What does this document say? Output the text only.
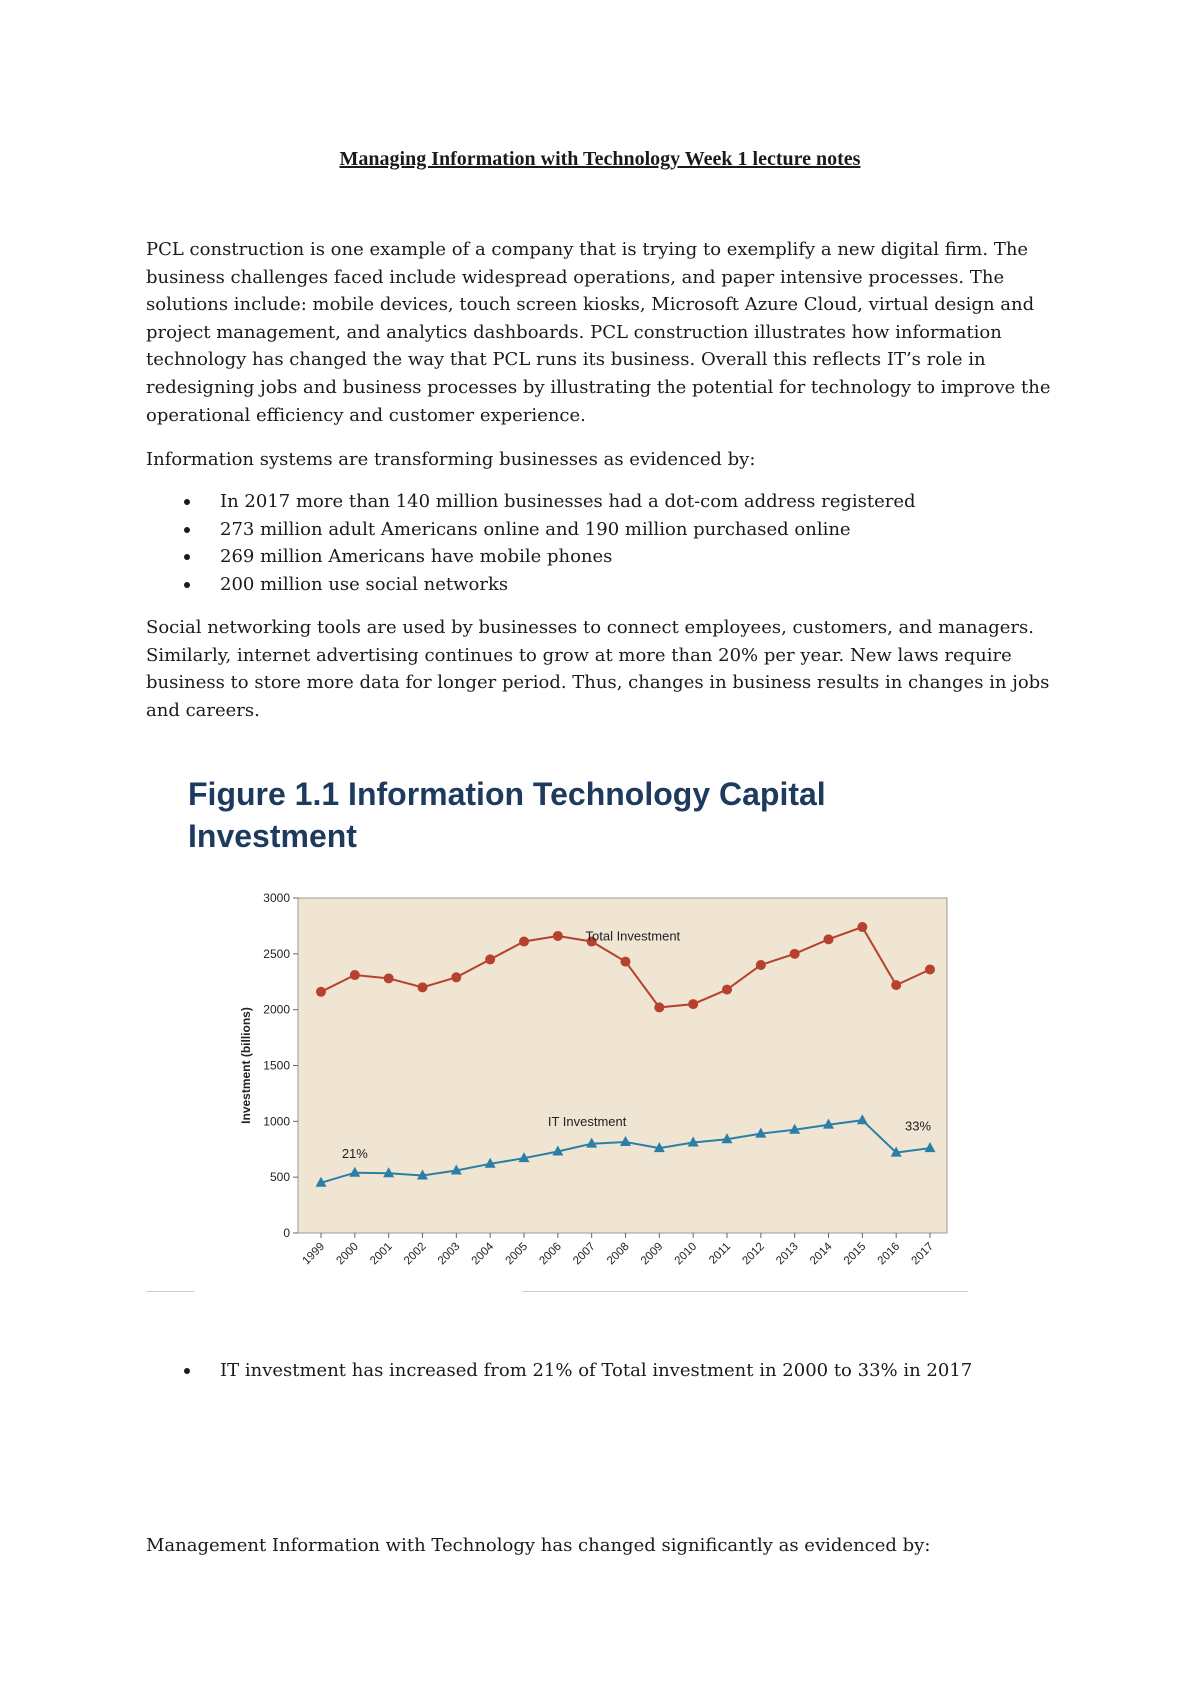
Managing Information with Technology Week 1 lecture notes

PCL construction is one example of a company that is trying to exemplify a new digital firm. The business challenges faced include widespread operations, and paper intensive processes. The solutions include: mobile devices, touch screen kiosks, Microsoft Azure Cloud, virtual design and project management, and analytics dashboards. PCL construction illustrates how information technology has changed the way that PCL runs its business. Overall this reflects IT’s role in redesigning jobs and business processes by illustrating the potential for technology to improve the operational efficiency and customer experience.

Information systems are transforming businesses as evidenced by:

In 2017 more than 140 million businesses had a dot-com address registered
273 million adult Americans online and 190 million purchased online
269 million Americans have mobile phones
200 million use social networks

Social networking tools are used by businesses to connect employees, customers, and managers. Similarly, internet advertising continues to grow at more than 20% per year. New laws require business to store more data for longer period. Thus, changes in business results in changes in jobs and careers.

Figure 1.1 Information Technology Capital
Investment
0
500
1000
1500
2000
2500
3000
1999 2000 2001 2002 2003 2004 2005 2006 2007 2008 2009 2010 2011 2012 2013 2014 2015 2016 2017
Investment (billions)
Total Investment
IT Investment
21%
33%
IT investment has increased from 21% of Total investment in 2000 to 33% in 2017

Management Information with Technology has changed significantly as evidenced by:
